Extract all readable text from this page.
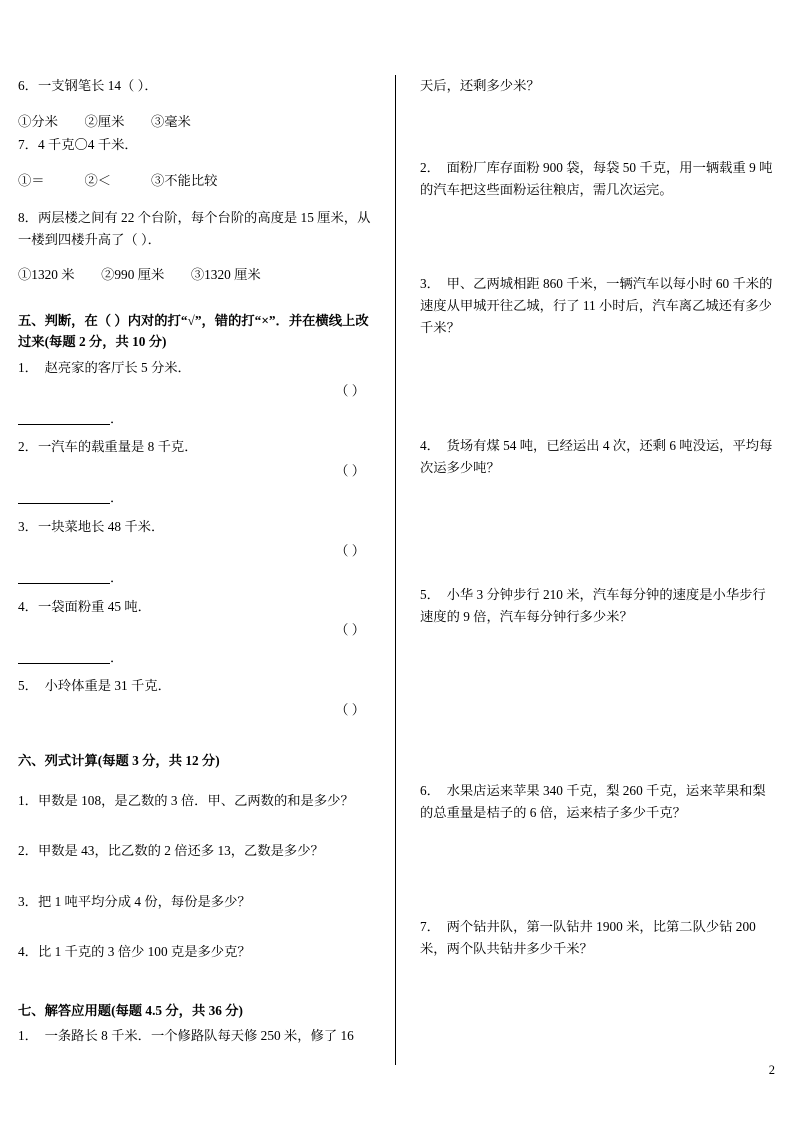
6．一支钢笔长 14（ ）．
①分米　　②厘米　　③毫米
7．4 千克〇4 千米．
①＝　　　②＜　　　③不能比较
8．两层楼之间有 22 个台阶，每个台阶的高度是 15 厘米，从一楼到四楼升高了（ ）．
①1320 米　　②990 厘米　　③1320 厘米
五、判断，在（ ）内对的打“√”，错的打“×”．并在横线上改过来(每题 2 分，共 10 分)
1．　赵亮家的客厅长 5 分米．
（ ）
．
2．一汽车的载重量是 8 千克．
（ ）
．
3．一块菜地长 48 千米．
（ ）
．
4．一袋面粉重 45 吨．
（ ）
．
5．　小玲体重是 31 千克．
（ ）
六、列式计算(每题 3 分，共 12 分)
1．甲数是 108，是乙数的 3 倍．甲、乙两数的和是多少？
2．甲数是 43，比乙数的 2 倍还多 13，乙数是多少？
3．把 1 吨平均分成 4 份，每份是多少？
4．比 1 千克的 3 倍少 100 克是多少克？
七、解答应用题(每题 4.5 分，共 36 分)
1．　一条路长 8 千米．一个修路队每天修 250 米，修了 16
天后，还剩多少米？
2．　面粉厂库存面粉 900 袋，每袋 50 千克，用一辆载重 9 吨的汽车把这些面粉运往粮店，需几次运完。
3．　甲、乙两城相距 860 千米，一辆汽车以每小时 60 千米的速度从甲城开往乙城，行了 11 小时后，汽车离乙城还有多少千米？
4．　货场有煤 54 吨，已经运出 4 次，还剩 6 吨没运，平均每次运多少吨？
5．　小华 3 分钟步行 210 米，汽车每分钟的速度是小华步行速度的 9 倍，汽车每分钟行多少米？
6．　水果店运来苹果 340 千克，梨 260 千克，运来苹果和梨的总重量是桔子的 6 倍，运来桔子多少千克？
7．　两个钻井队，第一队钻井 1900 米，比第二队少钻 200米，两个队共钻井多少千米？
2
